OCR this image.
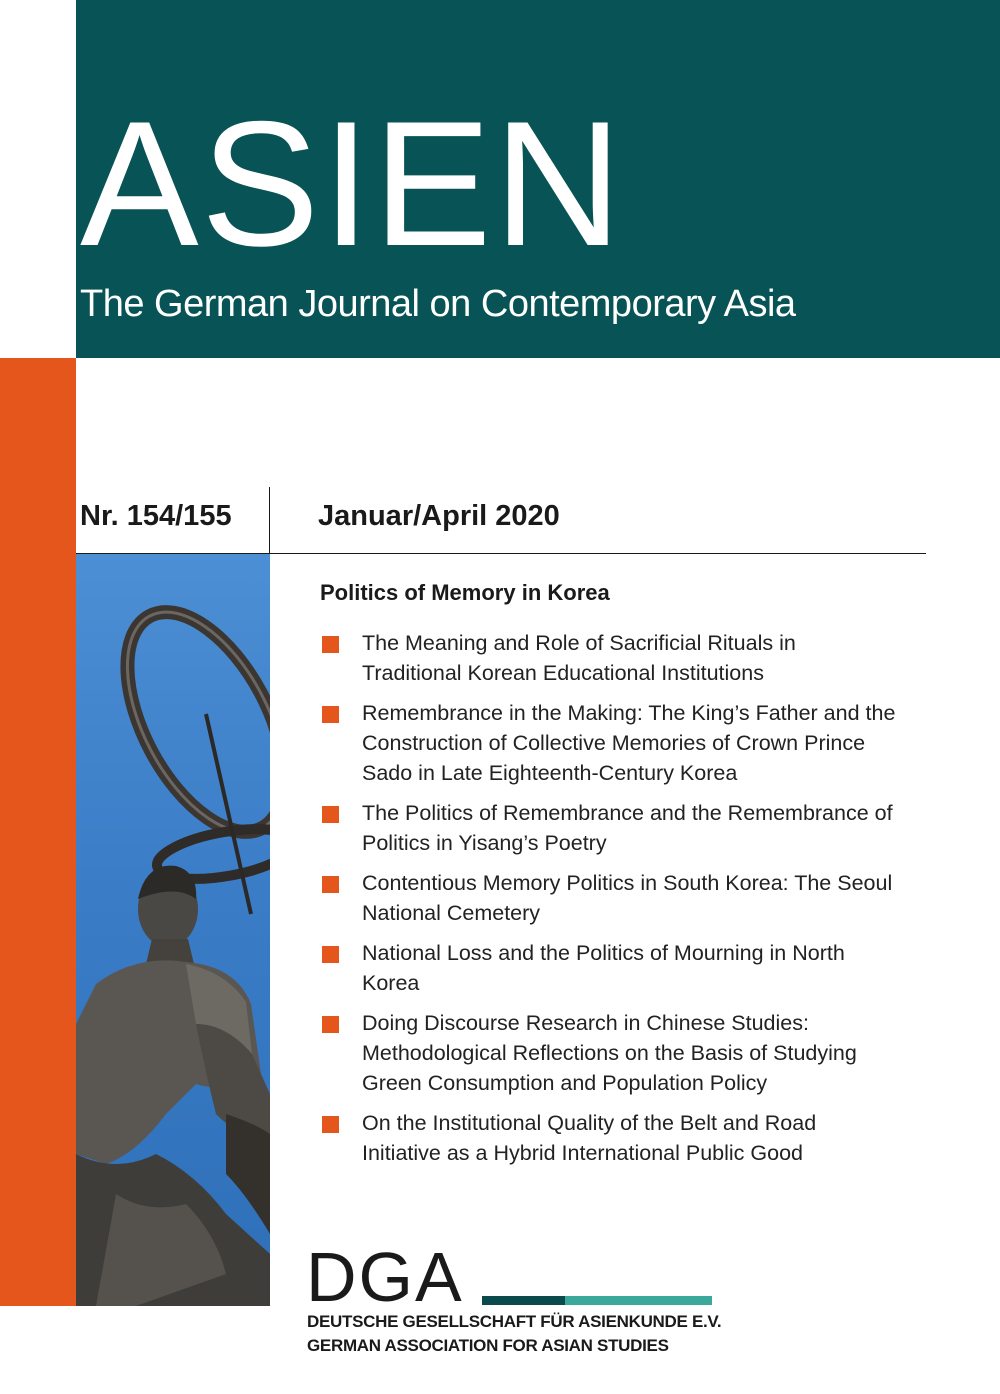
ASIEN
The German Journal on Contemporary Asia
Nr. 154/155	Januar/April 2020
Politics of Memory in Korea
The Meaning and Role of Sacrificial Rituals in Traditional Korean Educational Institutions
Remembrance in the Making: The King’s Father and the Construction of Collective Memories of Crown Prince Sado in Late Eighteenth-Century Korea
The Politics of Remembrance and the Remembrance of Politics in Yisang’s Poetry
Contentious Memory Politics in South Korea: The Seoul National Cemetery
National Loss and the Politics of Mourning in North Korea
Doing Discourse Research in Chinese Studies: Methodological Reflections on the Basis of Studying Green Consumption and Population Policy
On the Institutional Quality of the Belt and Road Initiative as a Hybrid International Public Good
DGA
DEUTSCHE GESELLSCHAFT FÜR ASIENKUNDE E.V.
GERMAN ASSOCIATION FOR ASIAN STUDIES
